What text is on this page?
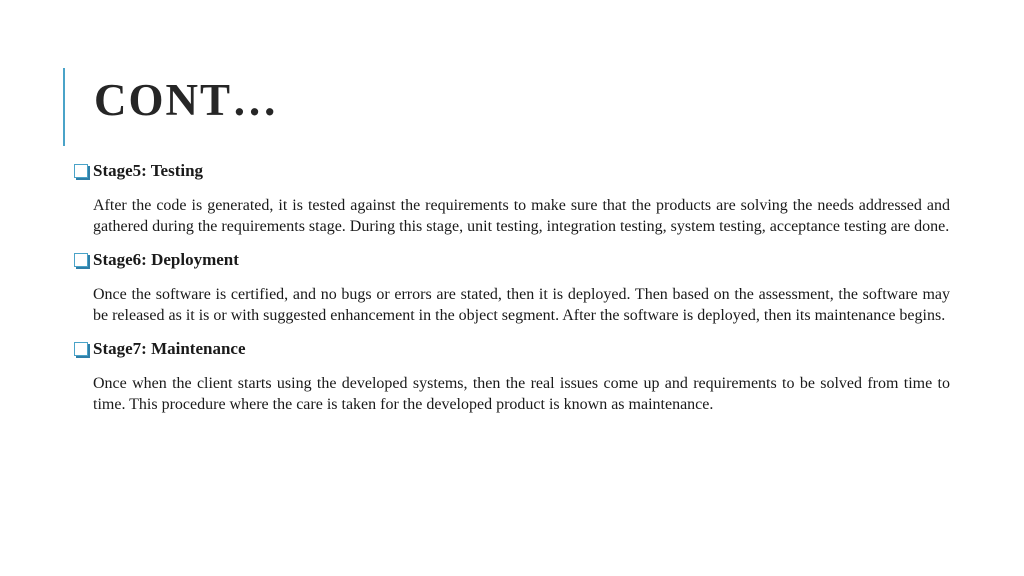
CONT…

Stage5: Testing

After the code is generated, it is tested against the requirements to make sure that the products are solving the needs addressed and gathered during the requirements stage. During this stage, unit testing, integration testing, system testing, acceptance testing are done.

Stage6: Deployment

Once the software is certified, and no bugs or errors are stated, then it is deployed. Then based on the assessment, the software may be released as it is or with suggested enhancement in the object segment. After the software is deployed, then its maintenance begins.

Stage7: Maintenance

Once when the client starts using the developed systems, then the real issues come up and requirements to be solved from time to time. This procedure where the care is taken for the developed product is known as maintenance.
